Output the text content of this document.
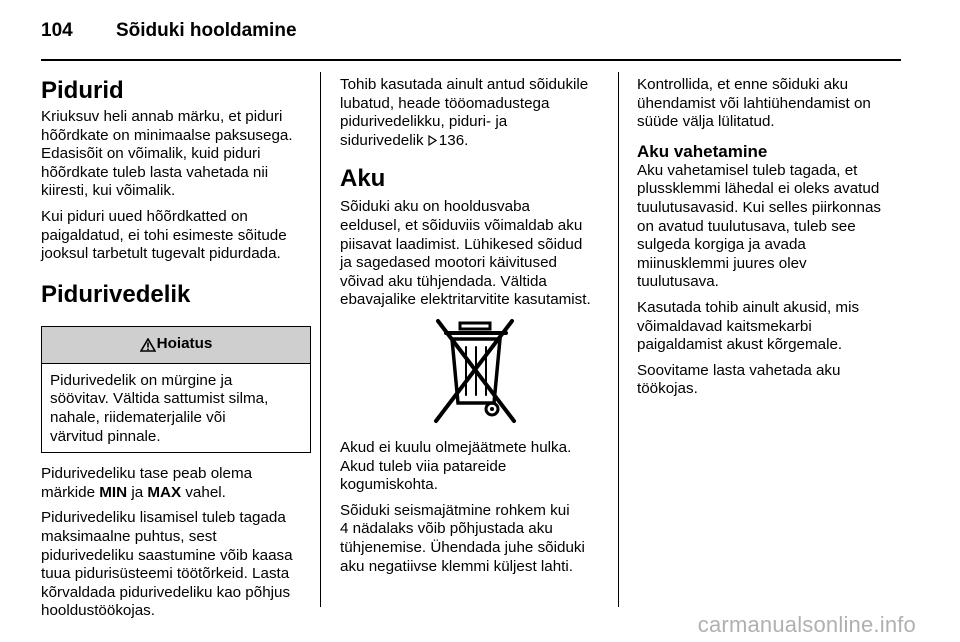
104 Sõiduki hooldamine
Pidurid

Kriuksuv heli annab märku, et piduri
hõõrdkate on minimaalse paksusega.
Edasisõit on võimalik, kuid piduri
hõõrdkate tuleb lasta vahetada nii
kiiresti, kui võimalik.

Kui piduri uued hõõrdkatted on
paigaldatud, ei tohi esimeste sõitude
jooksul tarbetult tugevalt pidurdada.

Pidurivedelik
Hoiatus
Pidurivedelik on mürgine ja
söövitav. Vältida sattumist silma,
nahale, riidematerjalile või
värvitud pinnale.

Pidurivedeliku tase peab olema
märkide MIN ja MAX vahel.

Pidurivedeliku lisamisel tuleb tagada
maksimaalne puhtus, sest
pidurivedeliku saastumine võib kaasa
tuua pidurisüsteemi töötõrkeid. Lasta
kõrvaldada pidurivedeliku kao põhjus
hooldustöökojas.

Tohib kasutada ainult antud sõidukile
lubatud, heade tööomadustega
pidurivedelikku, piduri- ja
sidurivedelik 136.

Aku

Sõiduki aku on hooldusvaba
eeldusel, et sõiduviis võimaldab aku
piisavat laadimist. Lühikesed sõidud
ja sagedased mootori käivitused
võivad aku tühjendada. Vältida
ebavajalike elektritarvitite kasutamist.

Akud ei kuulu olmejäätmete hulka.
Akud tuleb viia patareide
kogumiskohta.

Sõiduki seismajätmine rohkem kui
4 nädalaks võib põhjustada aku
tühjenemise. Ühendada juhe sõiduki
aku negatiivse klemmi küljest lahti.

Kontrollida, et enne sõiduki aku
ühendamist või lahtiühendamist on
süüde välja lülitatud.

Aku vahetamine

Aku vahetamisel tuleb tagada, et
plussklemmi lähedal ei oleks avatud
tuulutusavasid. Kui selles piirkonnas
on avatud tuulutusava, tuleb see
sulgeda korgiga ja avada
miinusklemmi juures olev
tuulutusava.

Kasutada tohib ainult akusid, mis
võimaldavad kaitsmekarbi
paigaldamist akust kõrgemale.

Soovitame lasta vahetada aku
töökojas.

carmanualsonline.info
